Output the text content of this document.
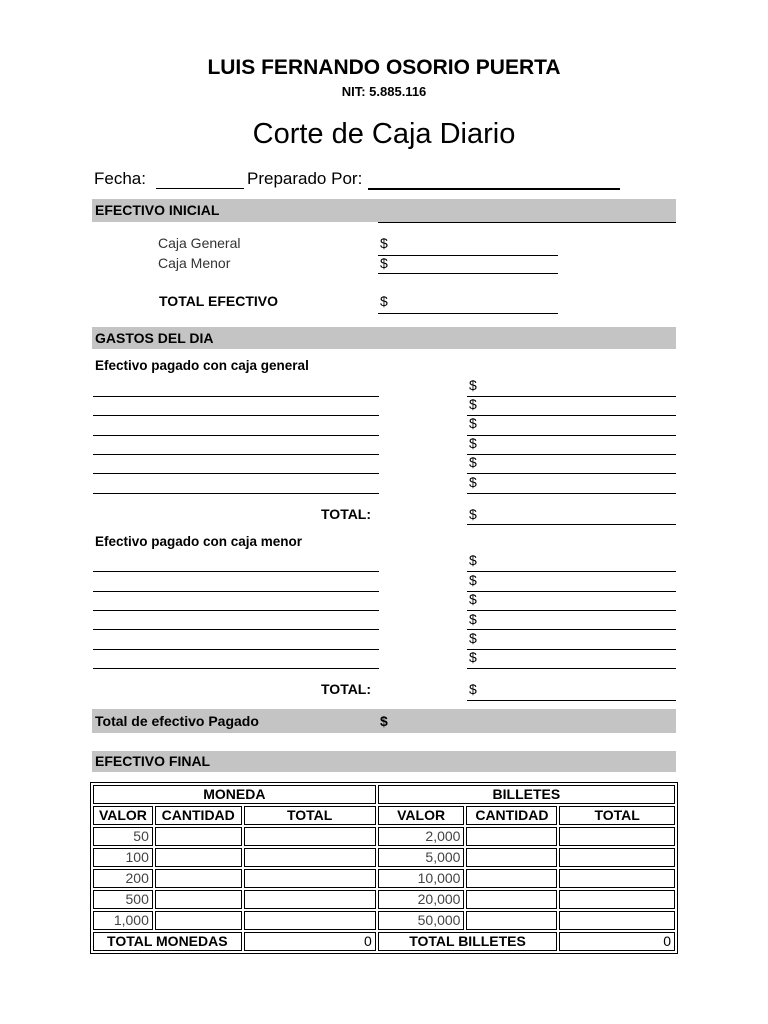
LUIS FERNANDO OSORIO PUERTA
NIT: 5.885.116
Corte de Caja Diario
Fecha:	Preparado Por:
EFECTIVO INICIAL
Caja General	$
Caja Menor	$
TOTAL EFECTIVO	$
GASTOS DEL DIA
Efectivo pagado con caja general
$
$
$
$
$
$
TOTAL:	$
Efectivo pagado con caja menor
$
$
$
$
$
$
TOTAL:	$
Total de efectivo Pagado	$
EFECTIVO FINAL
MONEDA			BILLETES		
VALOR	CANTIDAD	TOTAL	VALOR	CANTIDAD	TOTAL
50			2,000		
100			5,000		
200			10,000		
500			20,000		
1,000			50,000		
TOTAL MONEDAS		0	TOTAL BILLETES		0
